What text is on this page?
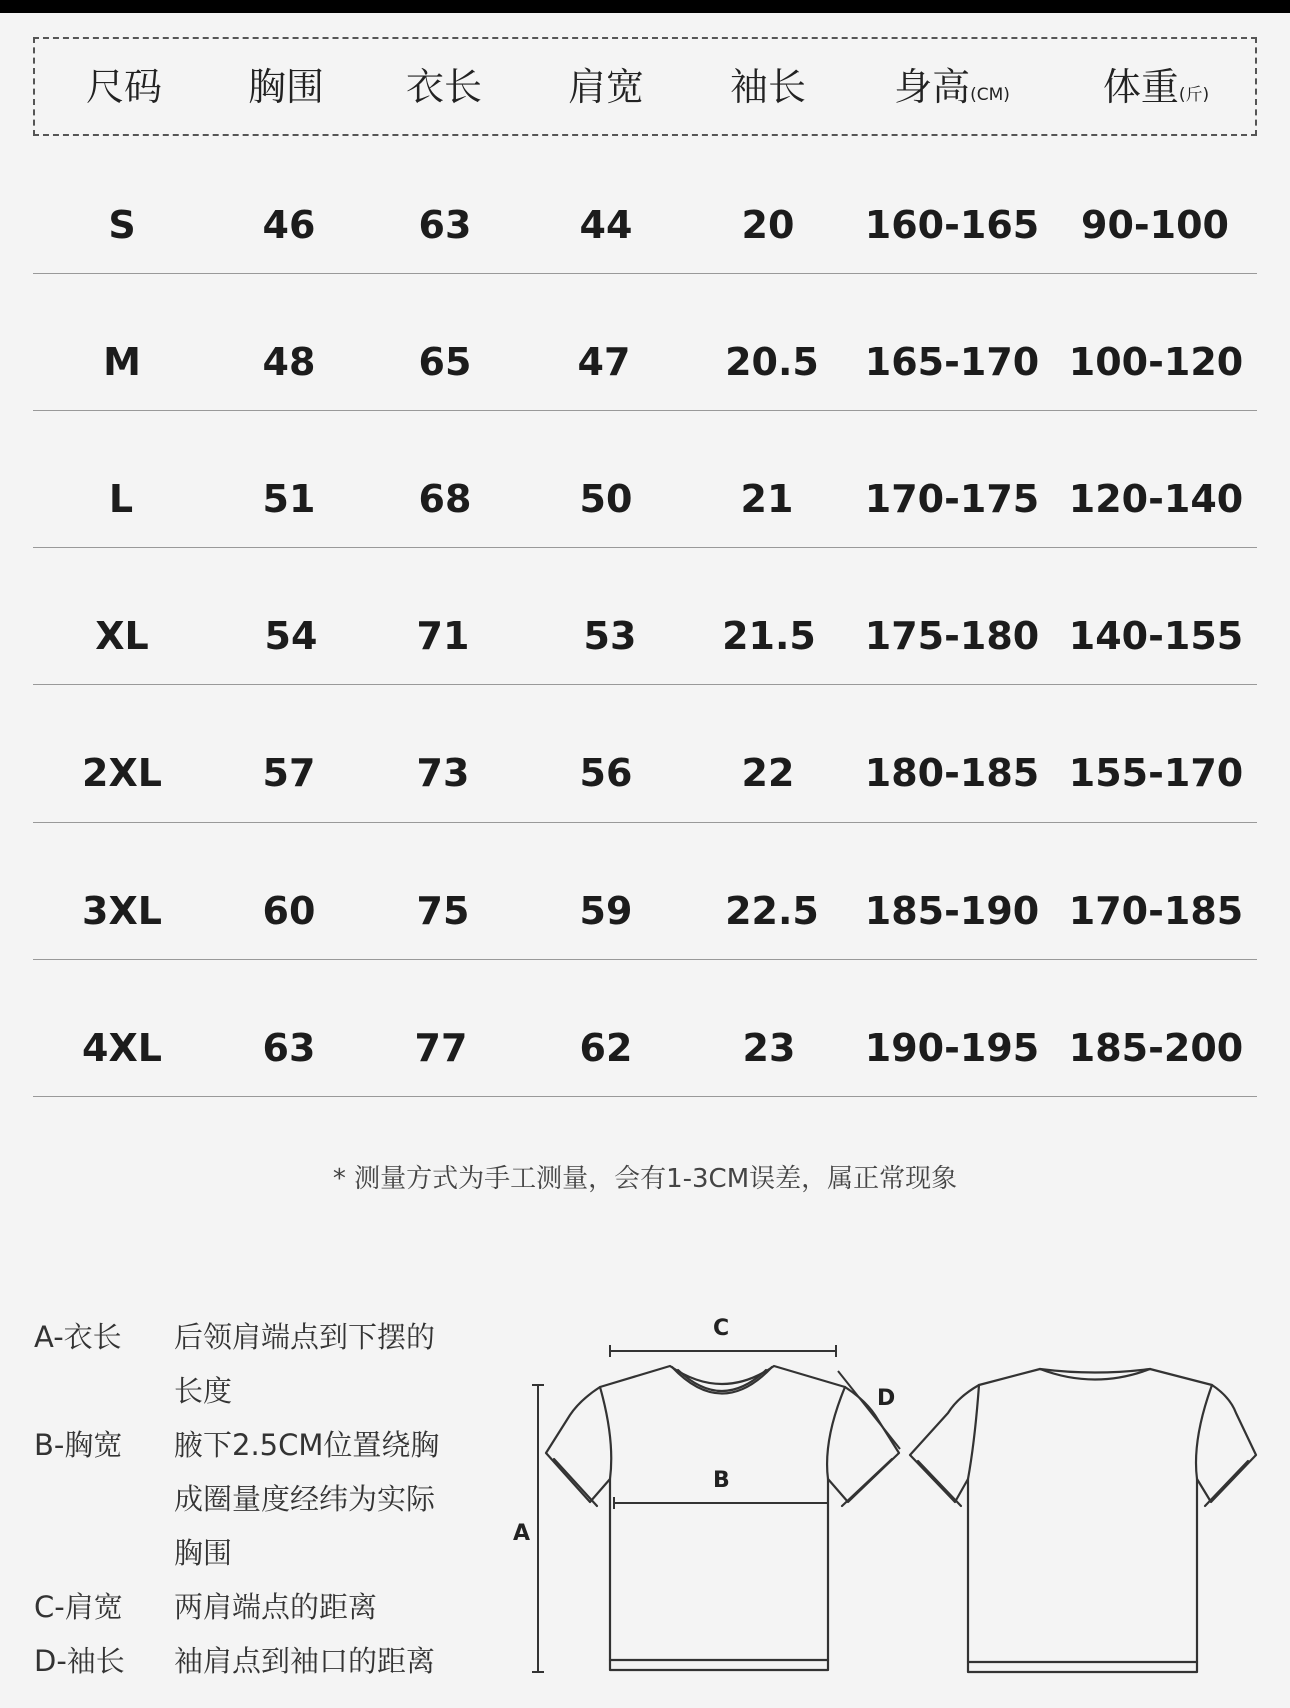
尺码	胸围	衣长	肩宽	袖长	身高(CM)	体重(斤)
S	46	63	44	20	160-165	90-100
M	48	65	47	20.5	165-170 100-120
L	51	68	50	21	170-175 120-140
XL	54	71	53	21.5	175-180 140-155
2XL	57	73	56	22	180-185 155-170
3XL	60	75	59	22.5	185-190 170-185
4XL	63	77	62	23	190-195 185-200
* 测量方式为手工测量，会有1-3CM误差，属正常现象
A-衣长 后领肩端点到下摆的
长度
B-胸宽 腋下2.5CM位置绕胸
成圈量度经纬为实际
胸围
C-肩宽 两肩端点的距离
D-袖长 袖肩点到袖口的距离
A
C
B
D
